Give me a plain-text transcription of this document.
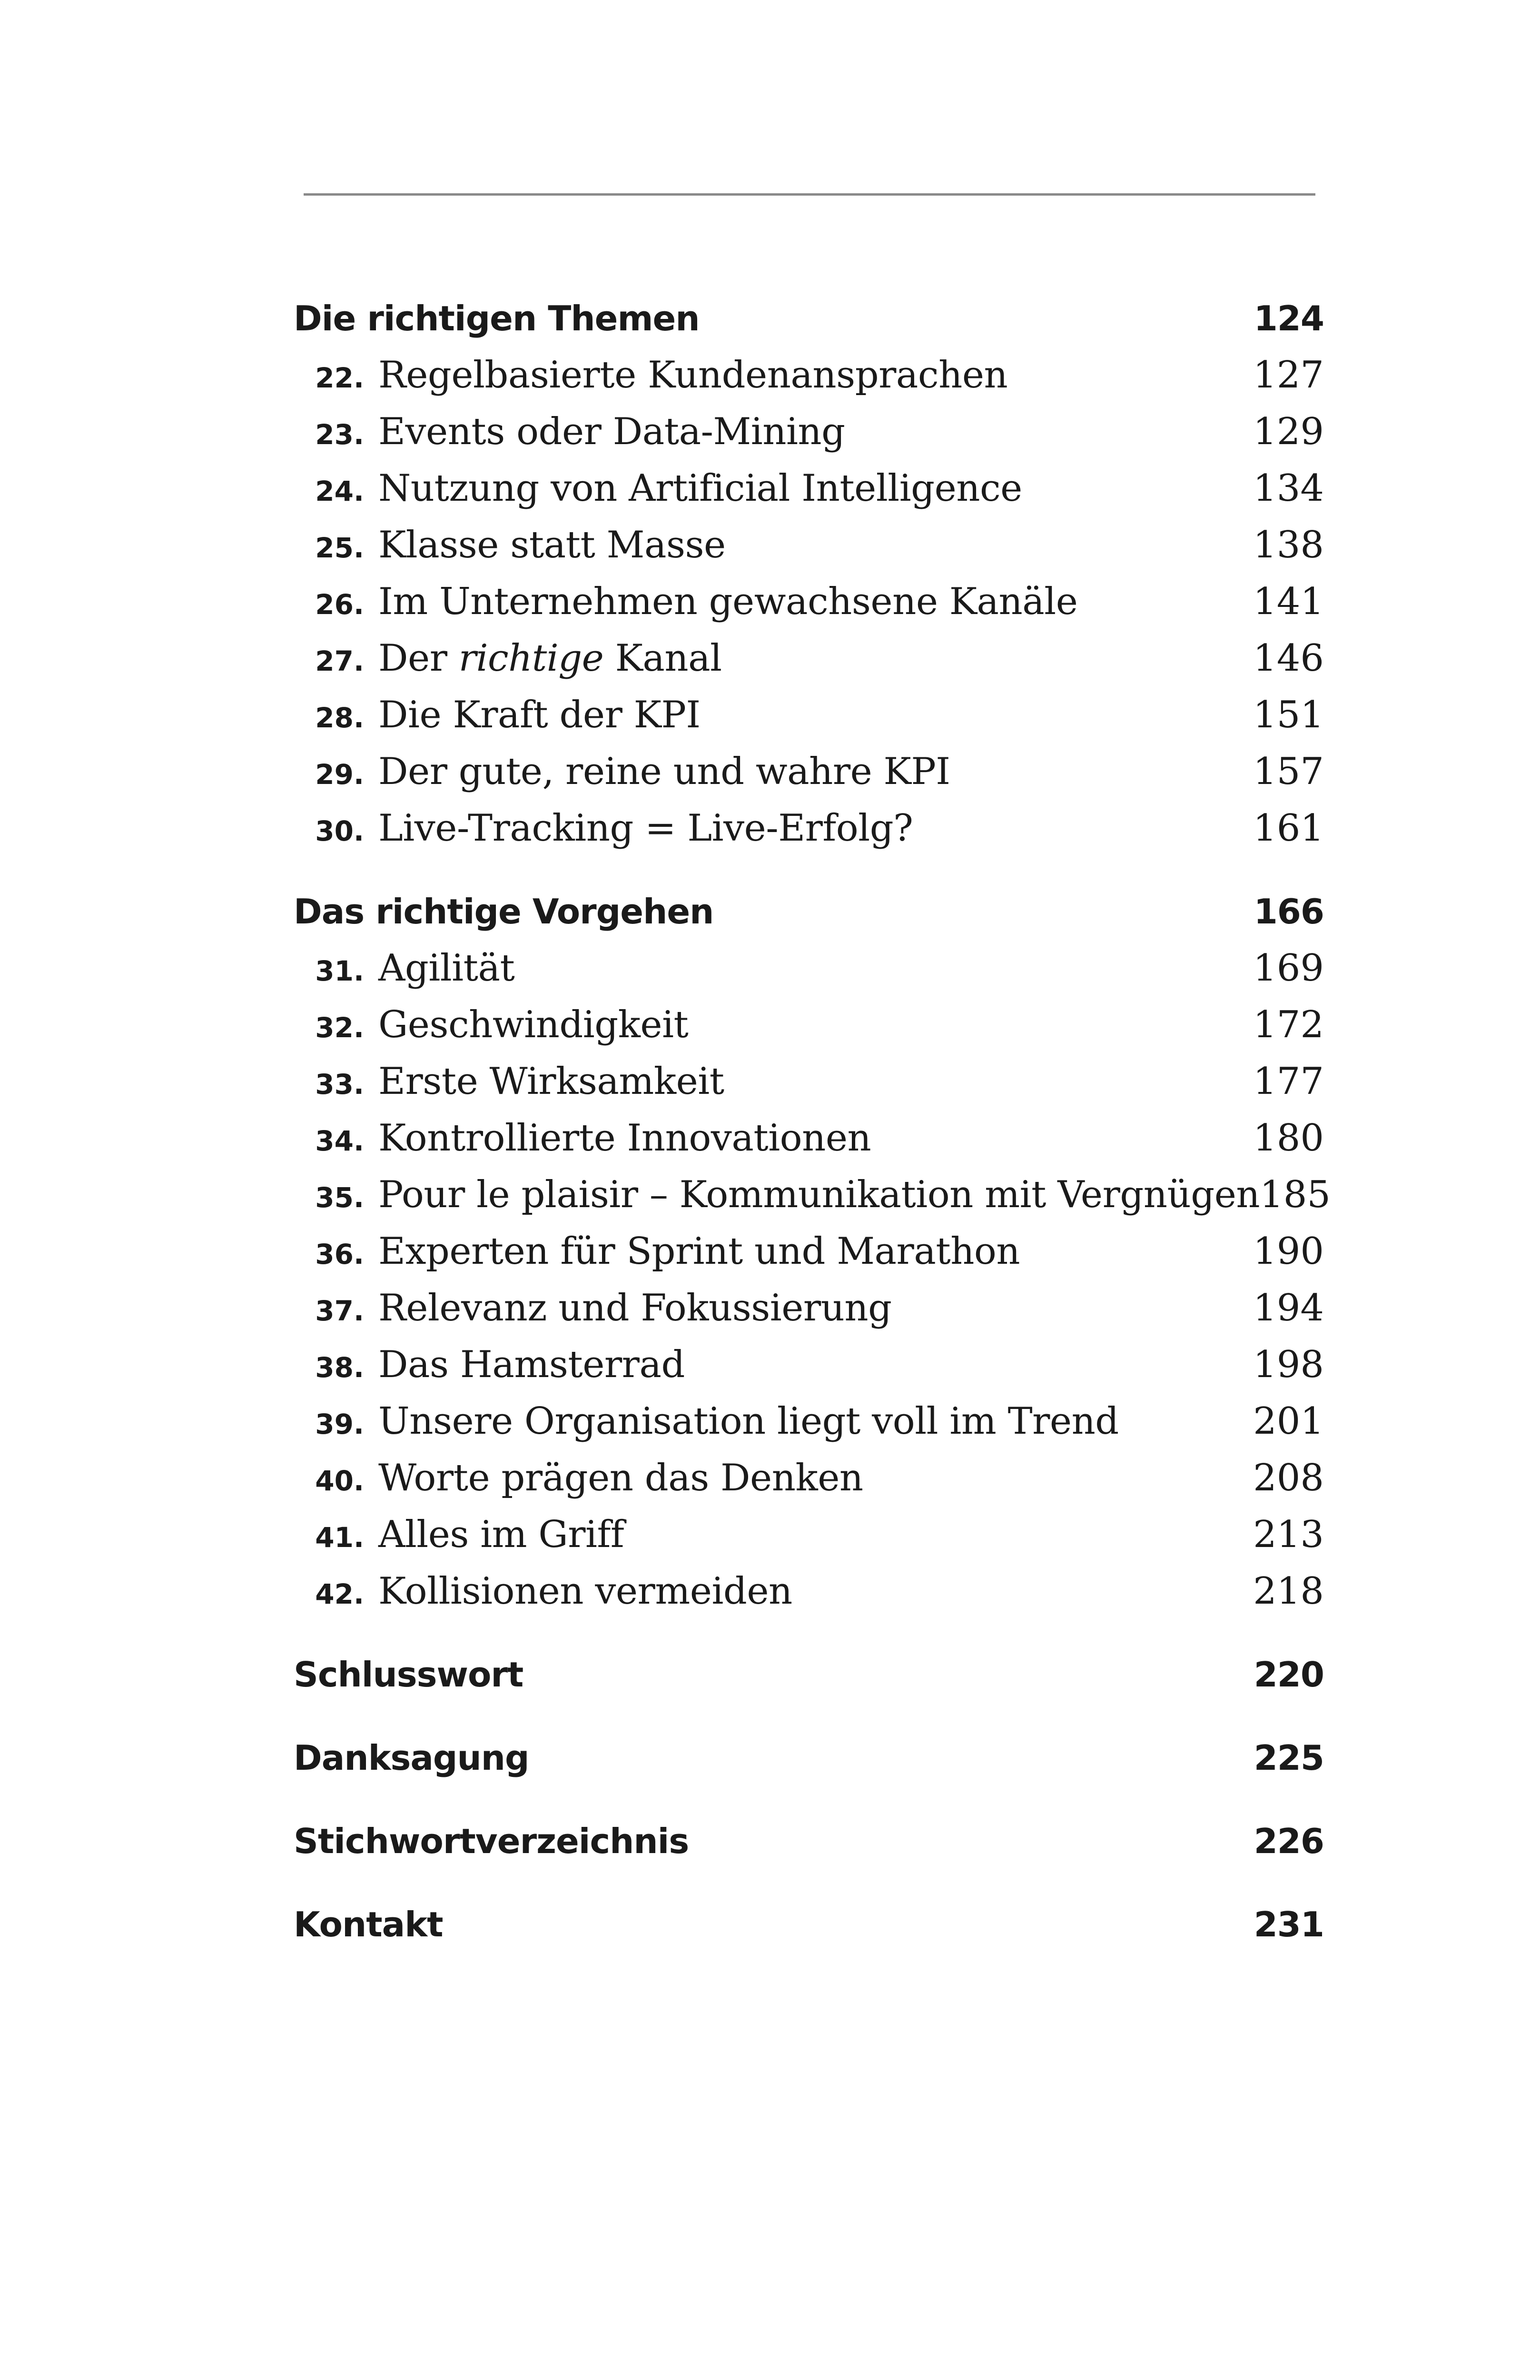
Die richtigen Themen	124
22. Regelbasierte Kundenansprachen	127
23. Events oder Data-Mining	129
24. Nutzung von Artificial Intelligence	134
25. Klasse statt Masse	138
26. Im Unternehmen gewachsene Kanäle	141
27. Der richtige Kanal	146
28. Die Kraft der KPI	151
29. Der gute, reine und wahre KPI	157
30. Live-Tracking = Live-Erfolg?	161
Das richtige Vorgehen	166
31. Agilität	169
32. Geschwindigkeit	172
33. Erste Wirksamkeit	177
34. Kontrollierte Innovationen	180
35. Pour le plaisir – Kommunikation mit Vergnügen 185
36. Experten für Sprint und Marathon	190
37. Relevanz und Fokussierung	194
38. Das Hamsterrad	198
39. Unsere Organisation liegt voll im Trend	201
40. Worte prägen das Denken	208
41. Alles im Griff	213
42. Kollisionen vermeiden	218
Schlusswort	220
Danksagung	225
Stichwortverzeichnis	226
Kontakt	231
